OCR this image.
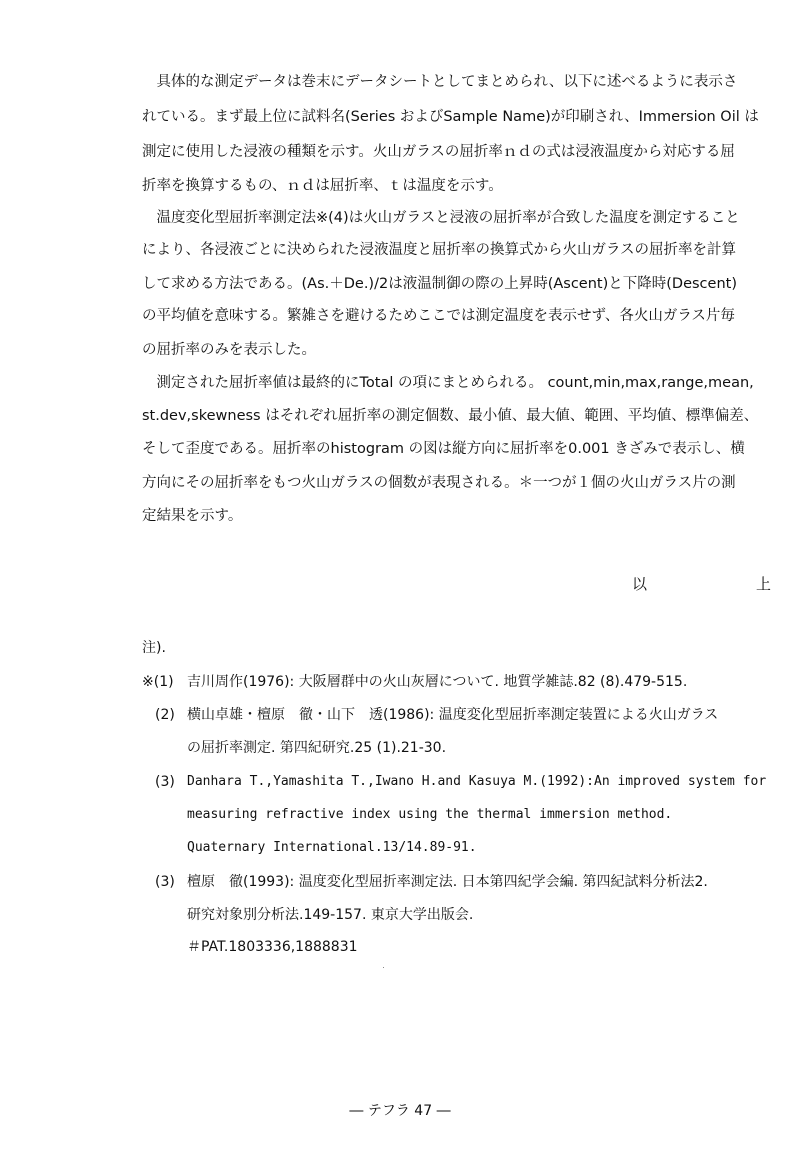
　具体的な測定データは巻末にデータシートとしてまとめられ、以下に述べるように表示さ
れている。まず最上位に試料名(Series およびSample Name)が印刷され、Immersion Oil は
測定に使用した浸液の種類を示す。火山ガラスの屈折率ｎｄの式は浸液温度から対応する屈
折率を換算するもの、ｎｄは屈折率、ｔは温度を示す。
　温度変化型屈折率測定法※(4)は火山ガラスと浸液の屈折率が合致した温度を測定すること
により、各浸液ごとに決められた浸液温度と屈折率の換算式から火山ガラスの屈折率を計算
して求める方法である。(As.＋De.)/2は液温制御の際の上昇時(Ascent)と下降時(Descent)
の平均値を意味する。繁雑さを避けるためここでは測定温度を表示せず、各火山ガラス片毎
の屈折率のみを表示した。
　測定された屈折率値は最終的にTotal の項にまとめられる。 count,min,max,range,mean,
st.dev,skewness はそれぞれ屈折率の測定個数、最小値、最大値、範囲、平均値、標準偏差、
そして歪度である。屈折率のhistogram の図は縦方向に屈折率を0.001 きざみで表示し、横
方向にその屈折率をもつ火山ガラスの個数が表現される。＊一つが１個の火山ガラス片の測
定結果を示す。
以	上
注).
※(1) 吉川周作(1976): 大阪層群中の火山灰層について. 地質学雑誌.82 (8).479-515.
(2) 横山卓雄・檀原　徹・山下　透(1986): 温度変化型屈折率測定装置による火山ガラス
の屈折率測定. 第四紀研究.25 (1).21-30.
(3) Danhara T.,Yamashita T.,Iwano H.and Kasuya M.(1992):An improved system for
measuring refractive index using the thermal immersion method.
Quaternary International.13/14.89-91.
(3) 檀原　徹(1993): 温度変化型屈折率測定法. 日本第四紀学会編. 第四紀試料分析法2.
研究対象別分析法.149-157. 東京大学出版会.
＃PAT.1803336,1888831
― テフラ 47 ―
